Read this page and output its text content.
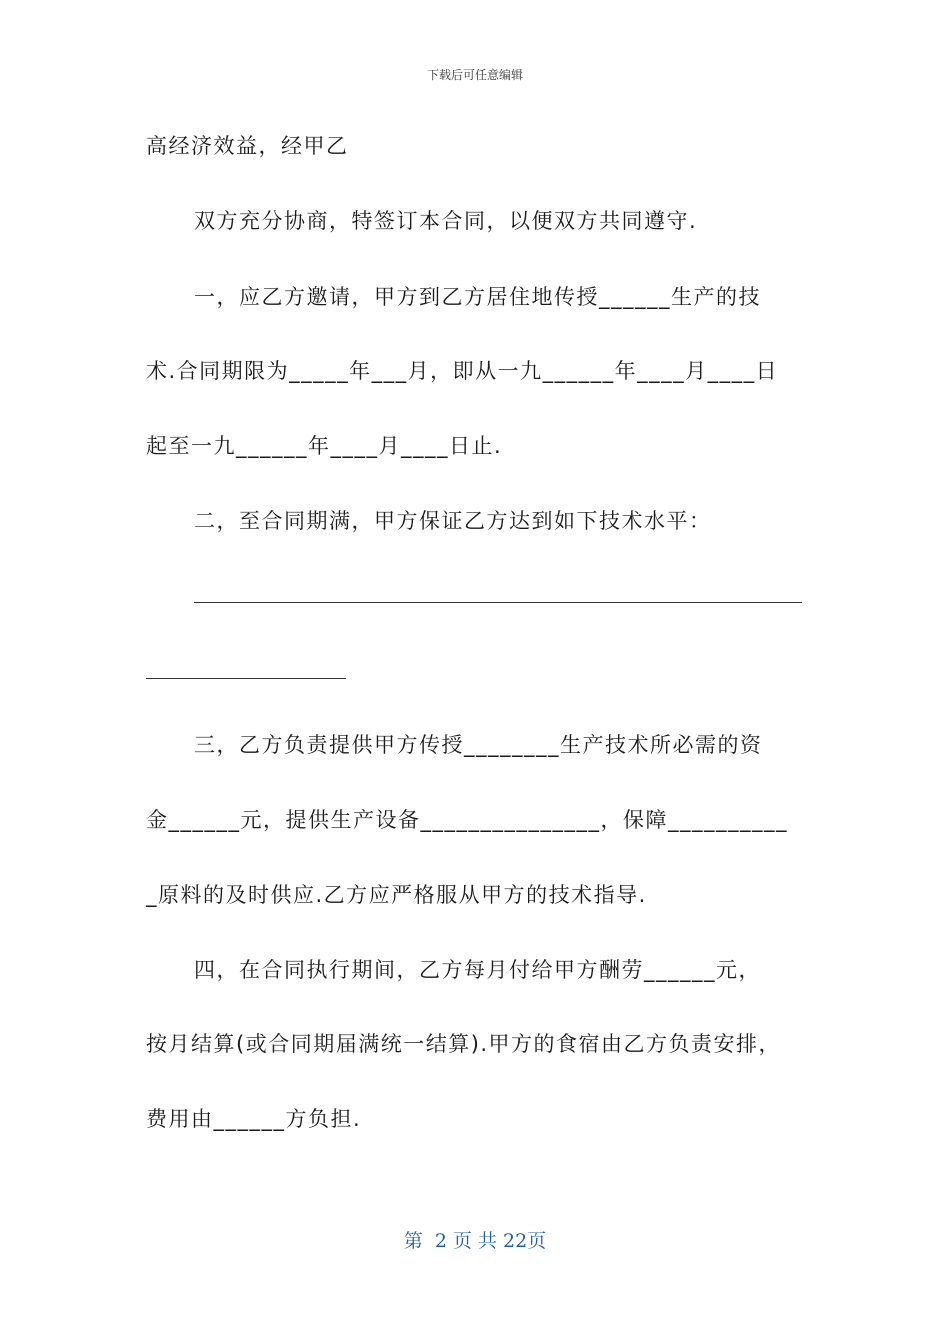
下载后可任意编辑
高经济效益，经甲乙
双方充分协商，特签订本合同，以便双方共同遵守.
一，应乙方邀请，甲方到乙方居住地传授______生产的技
术.合同期限为_____年___月，即从一九______年____月____日
起至一九______年____月____日止.
二，至合同期满，甲方保证乙方达到如下技术水平：
三，乙方负责提供甲方传授________生产技术所必需的资
金______元，提供生产设备_______________，保障__________
_原料的及时供应.乙方应严格服从甲方的技术指导.
四，在合同执行期间，乙方每月付给甲方酬劳______元，
按月结算(或合同期届满统一结算).甲方的食宿由乙方负责安排，
费用由______方负担.
第  2 页 共 22页
